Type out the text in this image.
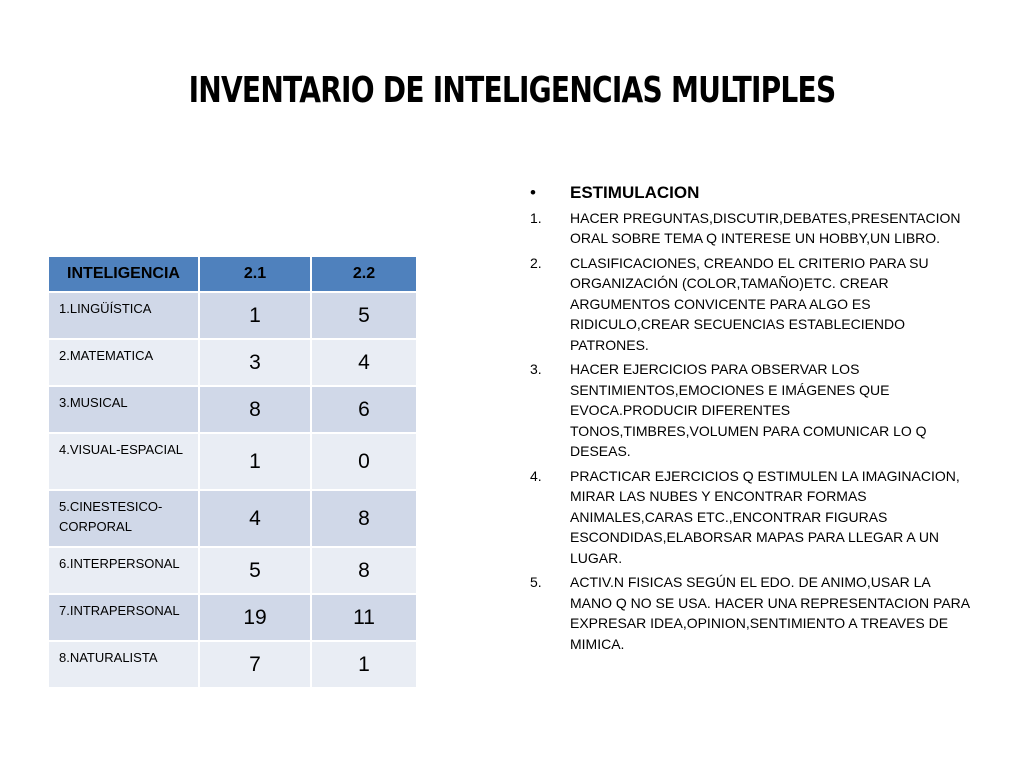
INVENTARIO DE INTELIGENCIAS MULTIPLES
INTELIGENCIA	2.1	2.2
1.LINGÜÍSTICA	1	5
2.MATEMATICA	3	4
3.MUSICAL	8	6
4.VISUAL-ESPACIAL	1	0
5.CINESTESICO-CORPORAL	4	8
6.INTERPERSONAL	5	8
7.INTRAPERSONAL	19	11
8.NATURALISTA	7	1
•	ESTIMULACION
1.	HACER PREGUNTAS,DISCUTIR,DEBATES,PRESENTACION ORAL SOBRE TEMA Q INTERESE UN HOBBY,UN LIBRO.
2.	CLASIFICACIONES, CREANDO EL CRITERIO PARA SU ORGANIZACIÓN (COLOR,TAMAÑO)ETC. CREAR ARGUMENTOS CONVICENTE PARA ALGO ES RIDICULO,CREAR SECUENCIAS ESTABLECIENDO PATRONES.
3.	HACER EJERCICIOS PARA OBSERVAR LOS SENTIMIENTOS,EMOCIONES E IMÁGENES QUE EVOCA.PRODUCIR DIFERENTES TONOS,TIMBRES,VOLUMEN PARA COMUNICAR LO Q DESEAS.
4.	PRACTICAR EJERCICIOS Q ESTIMULEN LA IMAGINACION, MIRAR LAS NUBES Y ENCONTRAR FORMAS ANIMALES,CARAS ETC.,ENCONTRAR FIGURAS ESCONDIDAS,ELABORSAR MAPAS PARA LLEGAR A UN LUGAR.
5.	ACTIV.N FISICAS SEGÚN EL EDO. DE ANIMO,USAR LA MANO Q NO SE USA. HACER UNA REPRESENTACION PARA EXPRESAR IDEA,OPINION,SENTIMIENTO A TREAVES DE MIMICA.
